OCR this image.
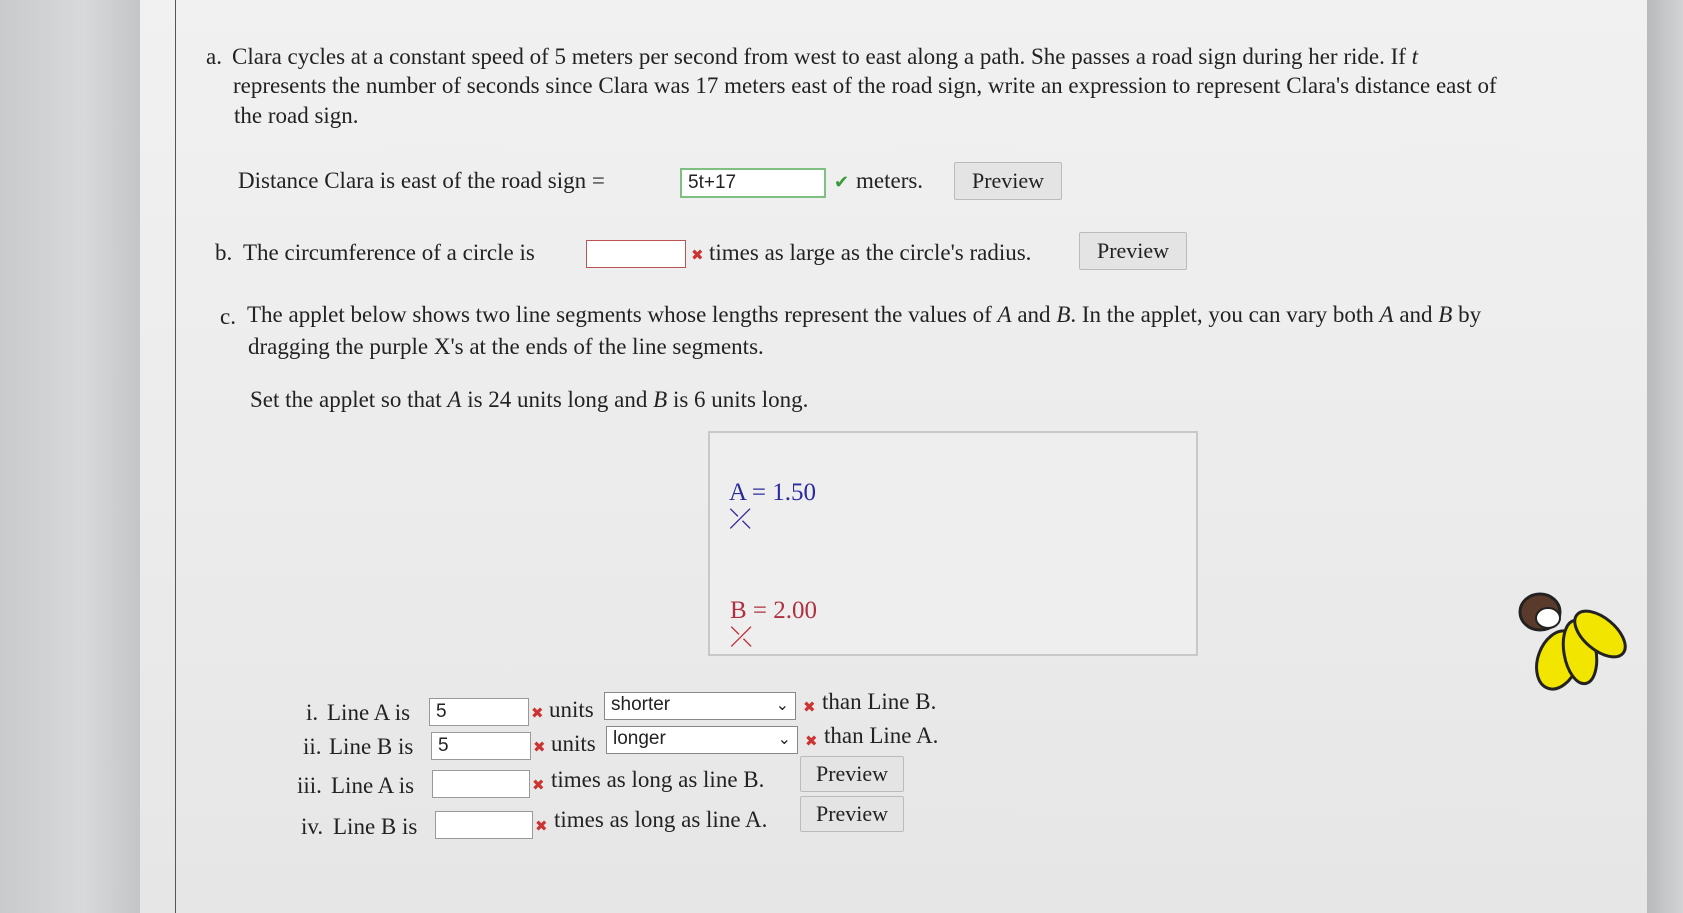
a. Clara cycles at a constant speed of 5 meters per second from west to east along a path. She passes a road sign during her ride. If t
represents the number of seconds since Clara was 17 meters east of the road sign, write an expression to represent Clara's distance east of
the road sign.
Distance Clara is east of the road sign =	5t+17	✔ meters.	Preview
b. The circumference of a circle is	✖ times as large as the circle's radius.	Preview
c. The applet below shows two line segments whose lengths represent the values of A and B. In the applet, you can vary both A and B by
dragging the purple X's at the ends of the line segments.
Set the applet so that A is 24 units long and B is 6 units long.
A = 1.50
⤫
B = 2.00
⤫
i. Line A is	5	✖ units shorter	⌄ ✖ than Line B.
ii. Line B is	5	✖ units longer	⌄ ✖ than Line A.
iii. Line A is	✖ times as long as line B.	Preview
iv. Line B is	✖ times as long as line A.	Preview
